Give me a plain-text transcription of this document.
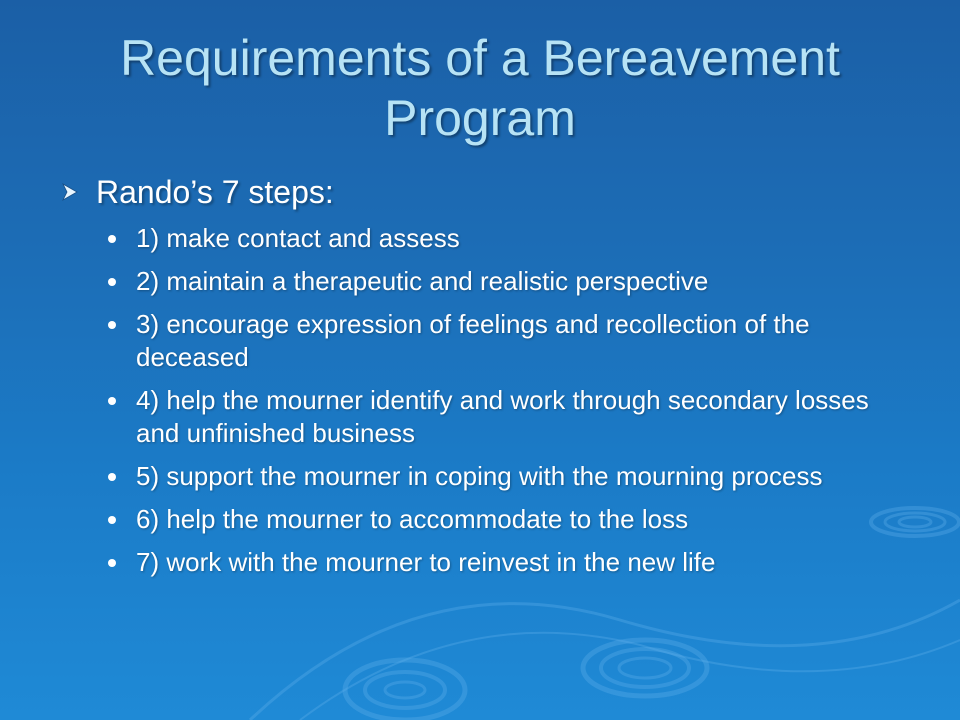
Requirements of a Bereavement Program
Rando’s 7 steps:
1) make contact and assess
2) maintain a therapeutic and realistic perspective
3) encourage expression of feelings and recollection of the deceased
4) help the mourner identify and work through secondary losses and unfinished business
5) support the mourner in coping with the mourning process
6) help the mourner to accommodate to the loss
7) work with the mourner to reinvest in the new life
